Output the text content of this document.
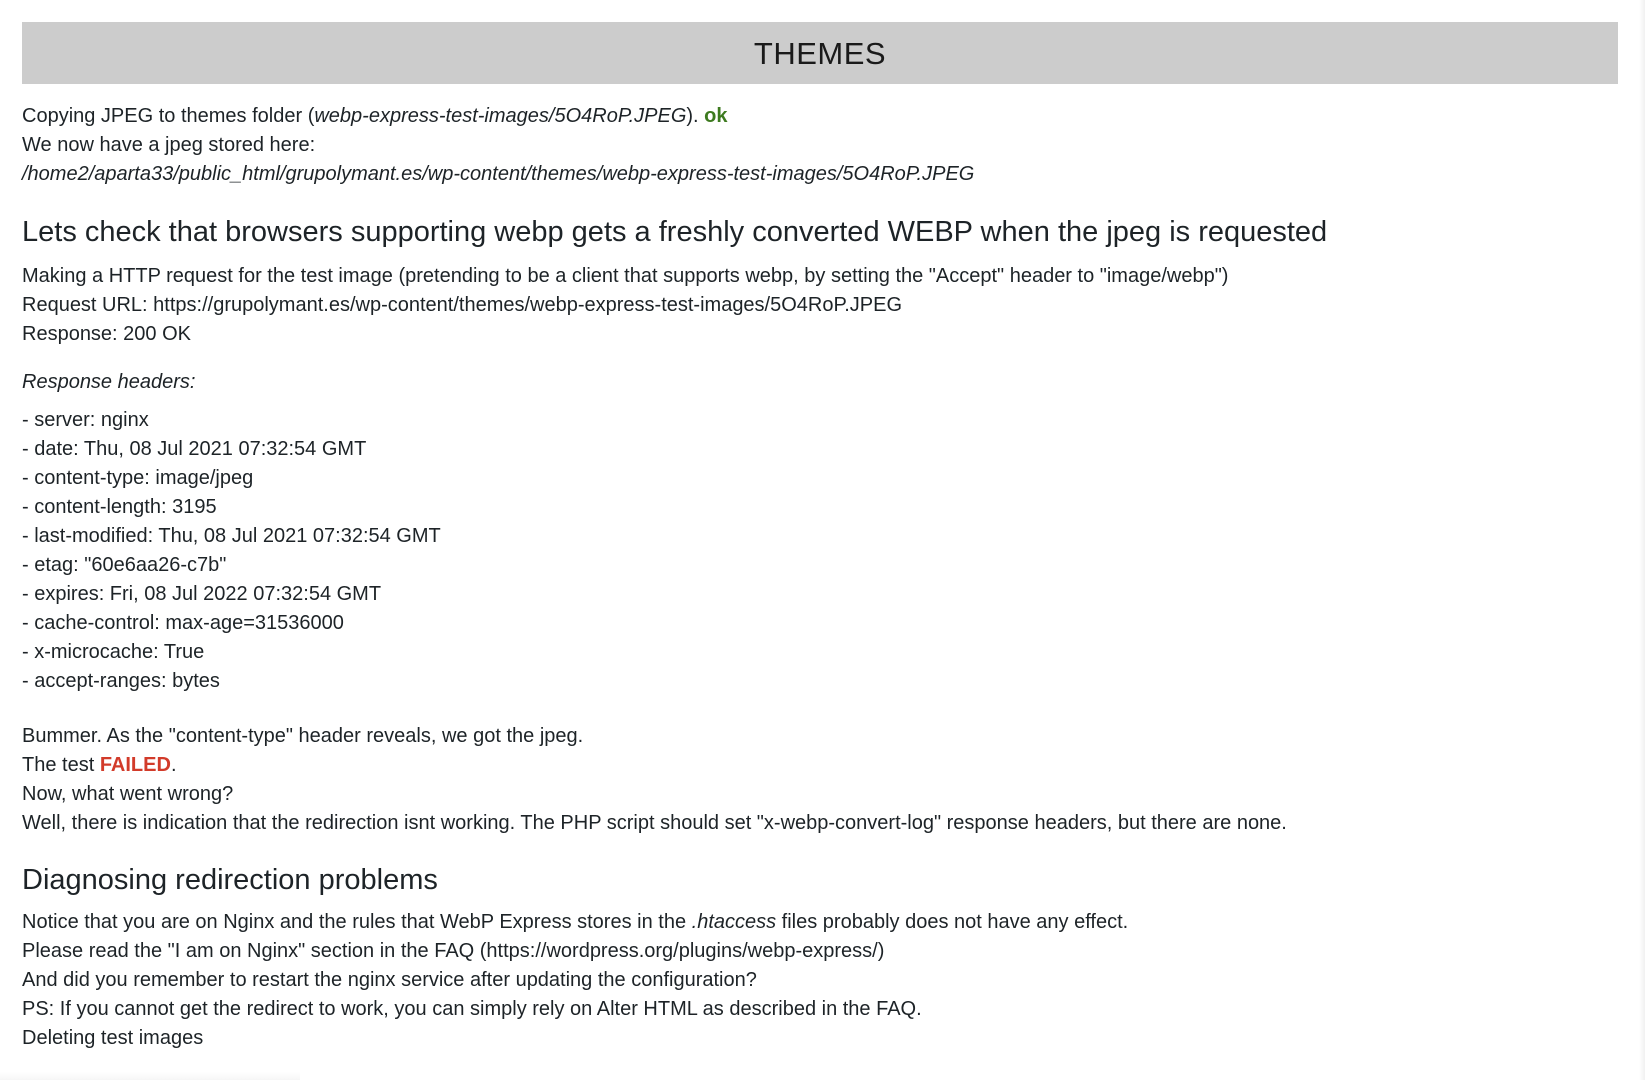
THEMES
Copying JPEG to themes folder (webp-express-test-images/5O4RoP.JPEG). ok
We now have a jpeg stored here:
/home2/aparta33/public_html/grupolymant.es/wp-content/themes/webp-express-test-images/5O4RoP.JPEG
Lets check that browsers supporting webp gets a freshly converted WEBP when the jpeg is requested
Making a HTTP request for the test image (pretending to be a client that supports webp, by setting the "Accept" header to "image/webp")
Request URL: https://grupolymant.es/wp-content/themes/webp-express-test-images/5O4RoP.JPEG
Response: 200 OK
Response headers:
- server: nginx
- date: Thu, 08 Jul 2021 07:32:54 GMT
- content-type: image/jpeg
- content-length: 3195
- last-modified: Thu, 08 Jul 2021 07:32:54 GMT
- etag: "60e6aa26-c7b"
- expires: Fri, 08 Jul 2022 07:32:54 GMT
- cache-control: max-age=31536000
- x-microcache: True
- accept-ranges: bytes
Bummer. As the "content-type" header reveals, we got the jpeg.
The test FAILED.
Now, what went wrong?
Well, there is indication that the redirection isnt working. The PHP script should set "x-webp-convert-log" response headers, but there are none.
Diagnosing redirection problems
Notice that you are on Nginx and the rules that WebP Express stores in the .htaccess files probably does not have any effect.
Please read the "I am on Nginx" section in the FAQ (https://wordpress.org/plugins/webp-express/)
And did you remember to restart the nginx service after updating the configuration?
PS: If you cannot get the redirect to work, you can simply rely on Alter HTML as described in the FAQ.
Deleting test images
